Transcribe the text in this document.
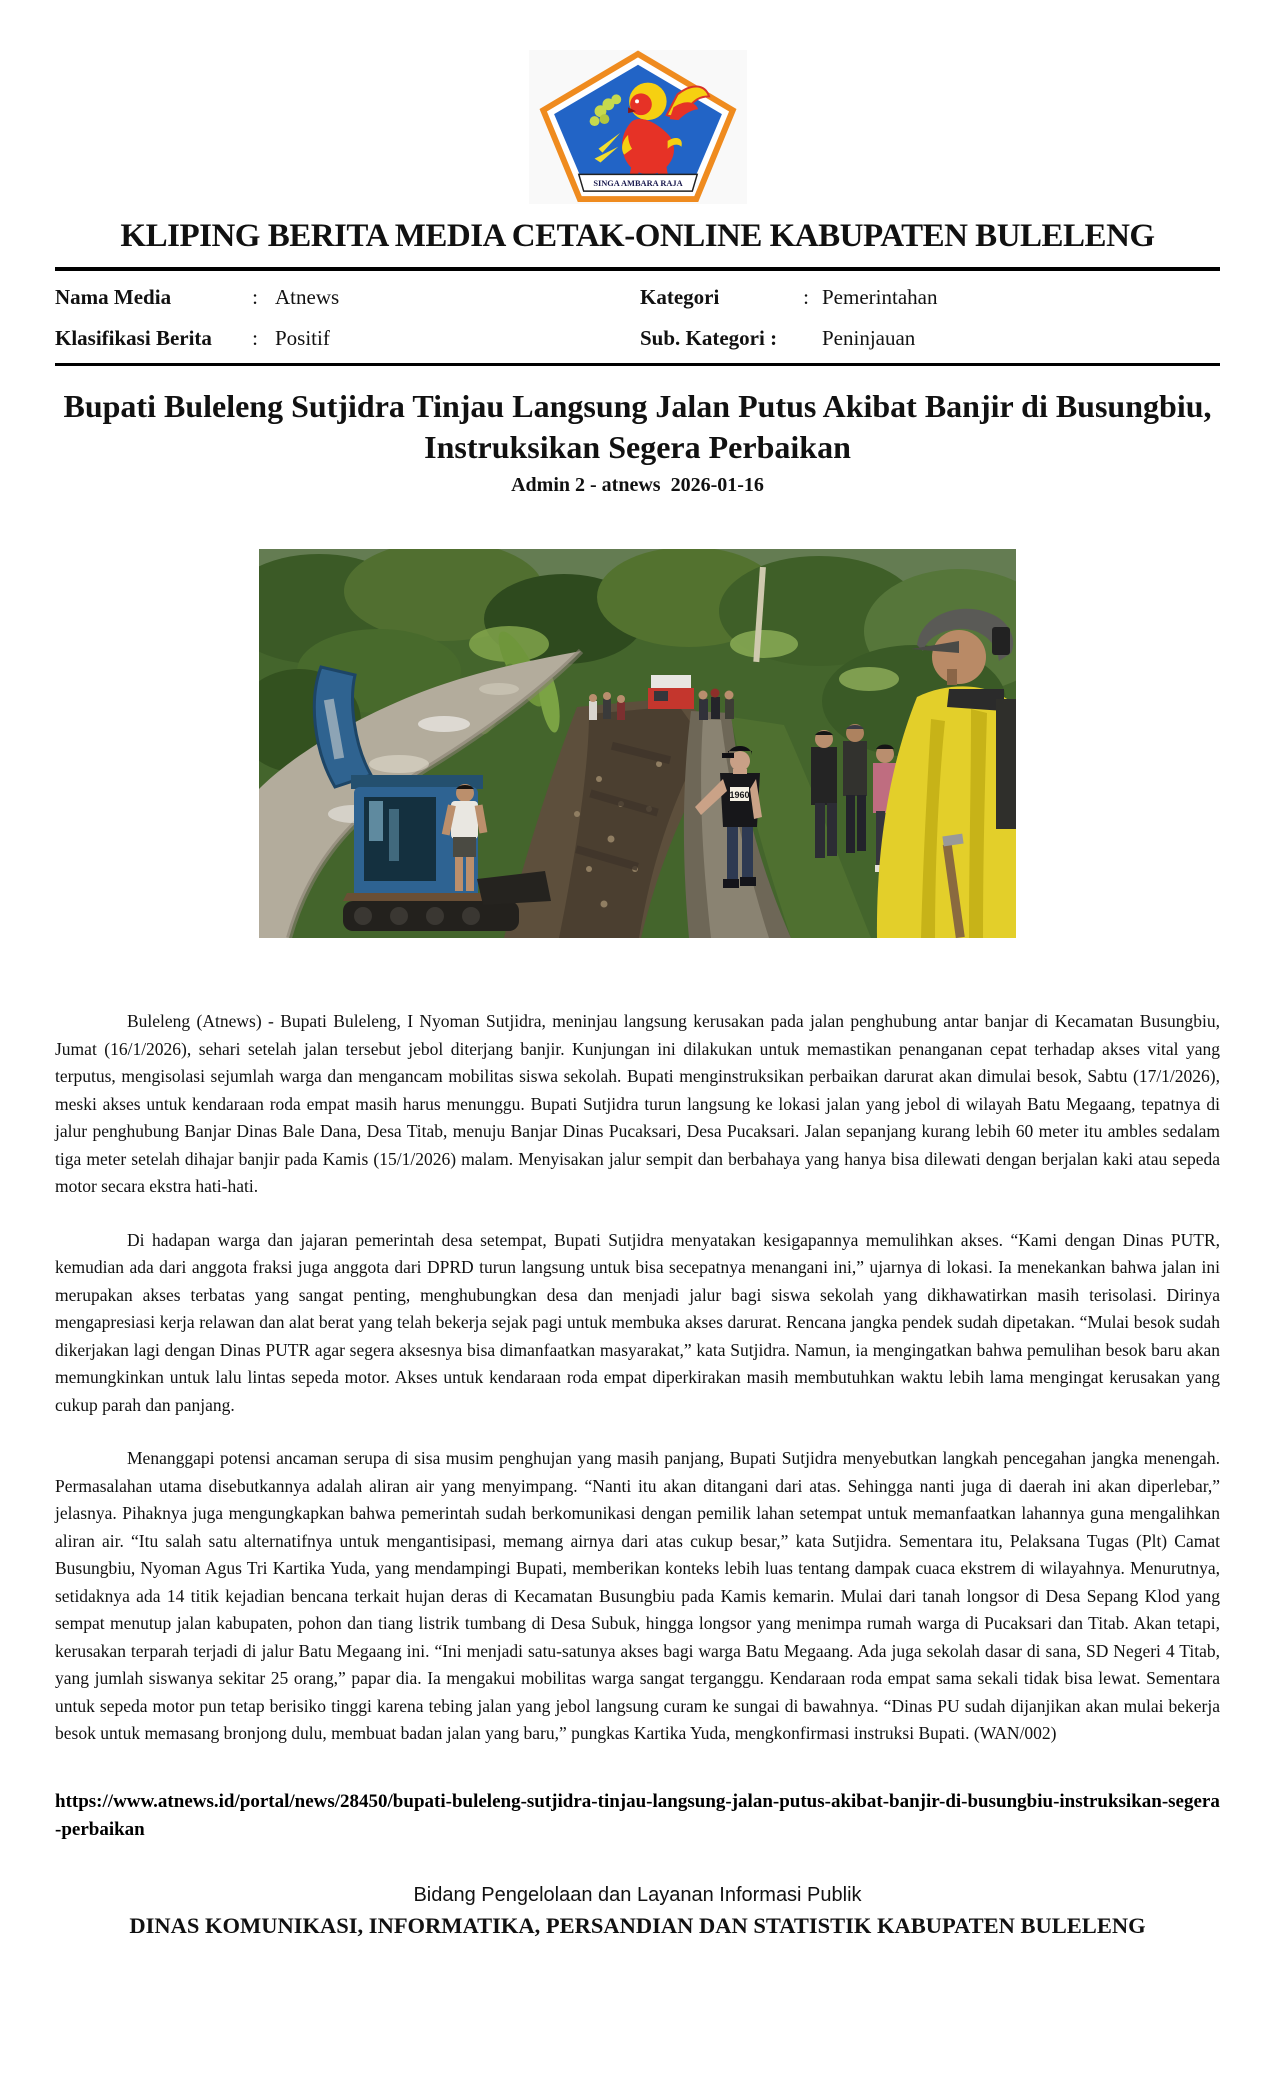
SINGA AMBARA RAJA
KLIPING BERITA MEDIA CETAK-ONLINE KABUPATEN BULELENG
Nama Media	: Atnews	Kategori	: Pemerintahan
Klasifikasi Berita	: Positif	Sub. Kategori :	Peninjauan
Bupati Buleleng Sutjidra Tinjau Langsung Jalan Putus Akibat Banjir di Busungbiu, Instruksikan Segera Perbaikan
Admin 2 - atnews  2026-01-16
1960

Buleleng (Atnews) - Bupati Buleleng, I Nyoman Sutjidra, meninjau langsung kerusakan pada jalan penghubung antar banjar di Kecamatan Busungbiu, Jumat (16/1/2026), sehari setelah jalan tersebut jebol diterjang banjir. Kunjungan ini dilakukan untuk memastikan penanganan cepat terhadap akses vital yang terputus, mengisolasi sejumlah warga dan mengancam mobilitas siswa sekolah. Bupati menginstruksikan perbaikan darurat akan dimulai besok, Sabtu (17/1/2026), meski akses untuk kendaraan roda empat masih harus menunggu. Bupati Sutjidra turun langsung ke lokasi jalan yang jebol di wilayah Batu Megaang, tepatnya di jalur penghubung Banjar Dinas Bale Dana, Desa Titab, menuju Banjar Dinas Pucaksari, Desa Pucaksari. Jalan sepanjang kurang lebih 60 meter itu ambles sedalam tiga meter setelah dihajar banjir pada Kamis (15/1/2026) malam. Menyisakan jalur sempit dan berbahaya yang hanya bisa dilewati dengan berjalan kaki atau sepeda motor secara ekstra hati-hati.

Di hadapan warga dan jajaran pemerintah desa setempat, Bupati Sutjidra menyatakan kesigapannya memulihkan akses. “Kami dengan Dinas PUTR, kemudian ada dari anggota fraksi juga anggota dari DPRD turun langsung untuk bisa secepatnya menangani ini,” ujarnya di lokasi. Ia menekankan bahwa jalan ini merupakan akses terbatas yang sangat penting, menghubungkan desa dan menjadi jalur bagi siswa sekolah yang dikhawatirkan masih terisolasi. Dirinya mengapresiasi kerja relawan dan alat berat yang telah bekerja sejak pagi untuk membuka akses darurat. Rencana jangka pendek sudah dipetakan. “Mulai besok sudah dikerjakan lagi dengan Dinas PUTR agar segera aksesnya bisa dimanfaatkan masyarakat,” kata Sutjidra. Namun, ia mengingatkan bahwa pemulihan besok baru akan memungkinkan untuk lalu lintas sepeda motor. Akses untuk kendaraan roda empat diperkirakan masih membutuhkan waktu lebih lama mengingat kerusakan yang cukup parah dan panjang.

Menanggapi potensi ancaman serupa di sisa musim penghujan yang masih panjang, Bupati Sutjidra menyebutkan langkah pencegahan jangka menengah. Permasalahan utama disebutkannya adalah aliran air yang menyimpang. “Nanti itu akan ditangani dari atas. Sehingga nanti juga di daerah ini akan diperlebar,” jelasnya. Pihaknya juga mengungkapkan bahwa pemerintah sudah berkomunikasi dengan pemilik lahan setempat untuk memanfaatkan lahannya guna mengalihkan aliran air. “Itu salah satu alternatifnya untuk mengantisipasi, memang airnya dari atas cukup besar,” kata Sutjidra. Sementara itu, Pelaksana Tugas (Plt) Camat Busungbiu, Nyoman Agus Tri Kartika Yuda, yang mendampingi Bupati, memberikan konteks lebih luas tentang dampak cuaca ekstrem di wilayahnya. Menurutnya, setidaknya ada 14 titik kejadian bencana terkait hujan deras di Kecamatan Busungbiu pada Kamis kemarin. Mulai dari tanah longsor di Desa Sepang Klod yang sempat menutup jalan kabupaten, pohon dan tiang listrik tumbang di Desa Subuk, hingga longsor yang menimpa rumah warga di Pucaksari dan Titab. Akan tetapi, kerusakan terparah terjadi di jalur Batu Megaang ini. “Ini menjadi satu-satunya akses bagi warga Batu Megaang. Ada juga sekolah dasar di sana, SD Negeri 4 Titab, yang jumlah siswanya sekitar 25 orang,” papar dia. Ia mengakui mobilitas warga sangat terganggu. Kendaraan roda empat sama sekali tidak bisa lewat. Sementara untuk sepeda motor pun tetap berisiko tinggi karena tebing jalan yang jebol langsung curam ke sungai di bawahnya. “Dinas PU sudah dijanjikan akan mulai bekerja besok untuk memasang bronjong dulu, membuat badan jalan yang baru,” pungkas Kartika Yuda, mengkonfirmasi instruksi Bupati. (WAN/002)

https://www.atnews.id/portal/news/28450/bupati-buleleng-sutjidra-tinjau-langsung-jalan-putus-akibat-banjir-di-busungbiu-instruksikan-segera-perbaikan
Bidang Pengelolaan dan Layanan Informasi Publik
DINAS KOMUNIKASI, INFORMATIKA, PERSANDIAN DAN STATISTIK KABUPATEN BULELENG
